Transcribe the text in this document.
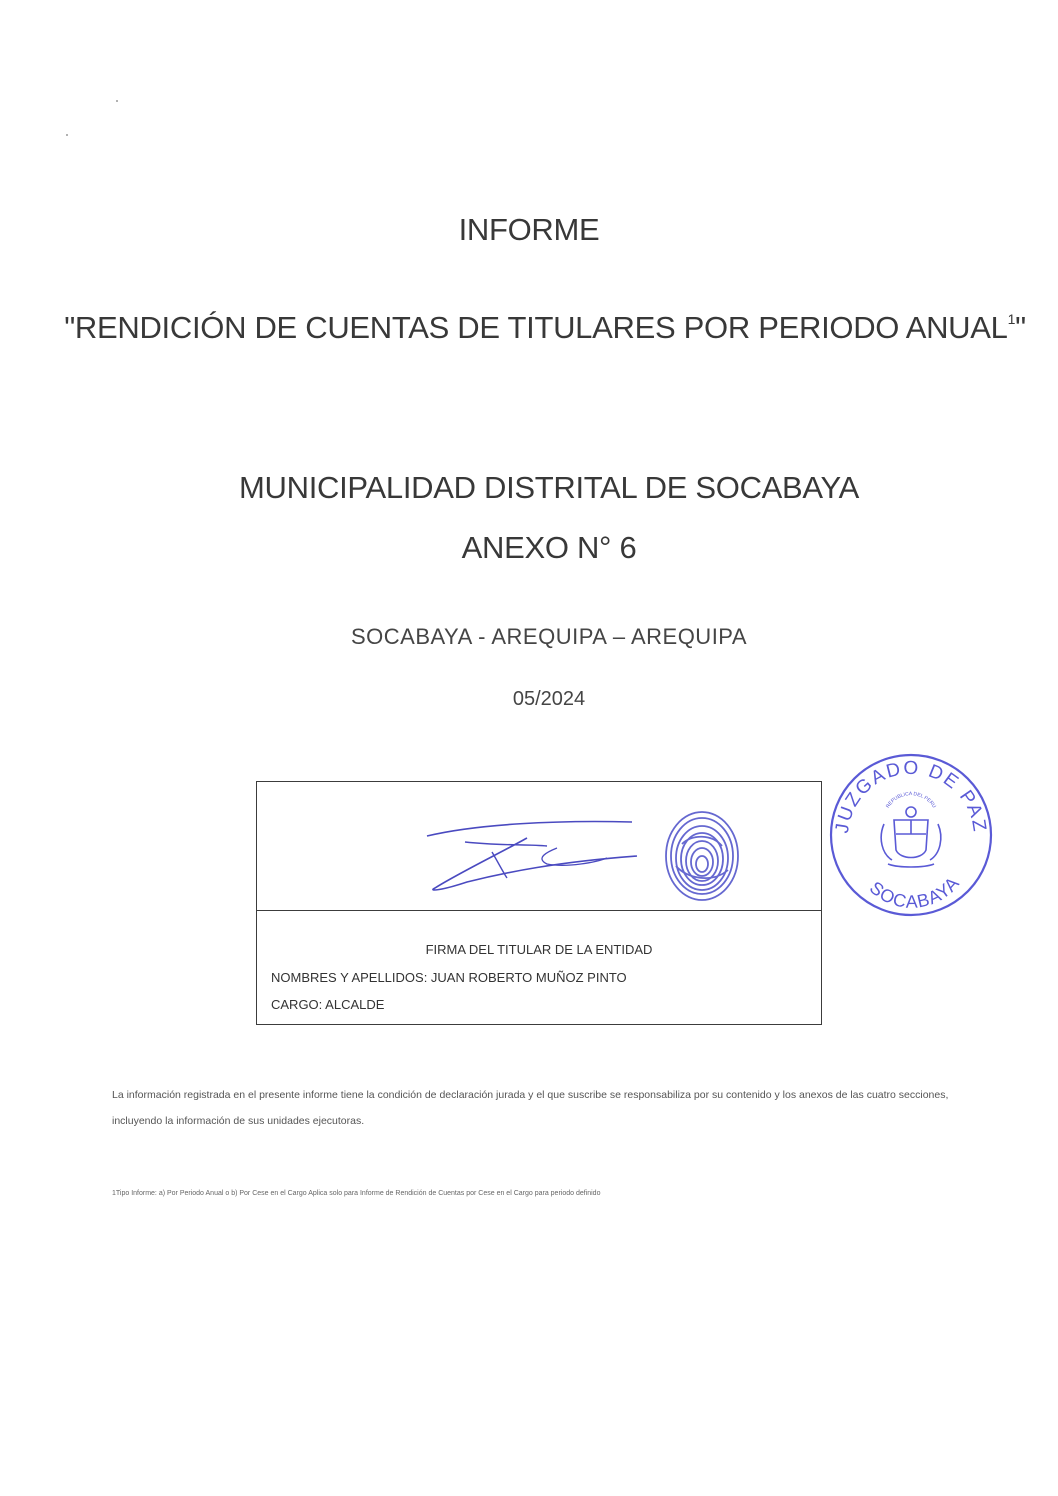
INFORME
"RENDICIÓN DE CUENTAS DE TITULARES POR PERIODO ANUAL$^1$"
MUNICIPALIDAD DISTRITAL DE SOCABAYA
ANEXO N° 6
SOCABAYA - AREQUIPA – AREQUIPA
05/2024
FIRMA DEL TITULAR DE LA ENTIDAD
NOMBRES Y APELLIDOS: JUAN ROBERTO MUÑOZ PINTO
CARGO: ALCALDE
JUZGADO DE PAZ
SOCABAYA
REPUBLICA DEL PERU
La información registrada en el presente informe tiene la condición de declaración jurada y el que suscribe se responsabiliza por su contenido y los anexos de las cuatro secciones, incluyendo la información de sus unidades ejecutoras.
1Tipo Informe: a) Por Periodo Anual o b) Por Cese en el Cargo Aplica solo para Informe de Rendición de Cuentas por Cese en el Cargo para periodo definido
